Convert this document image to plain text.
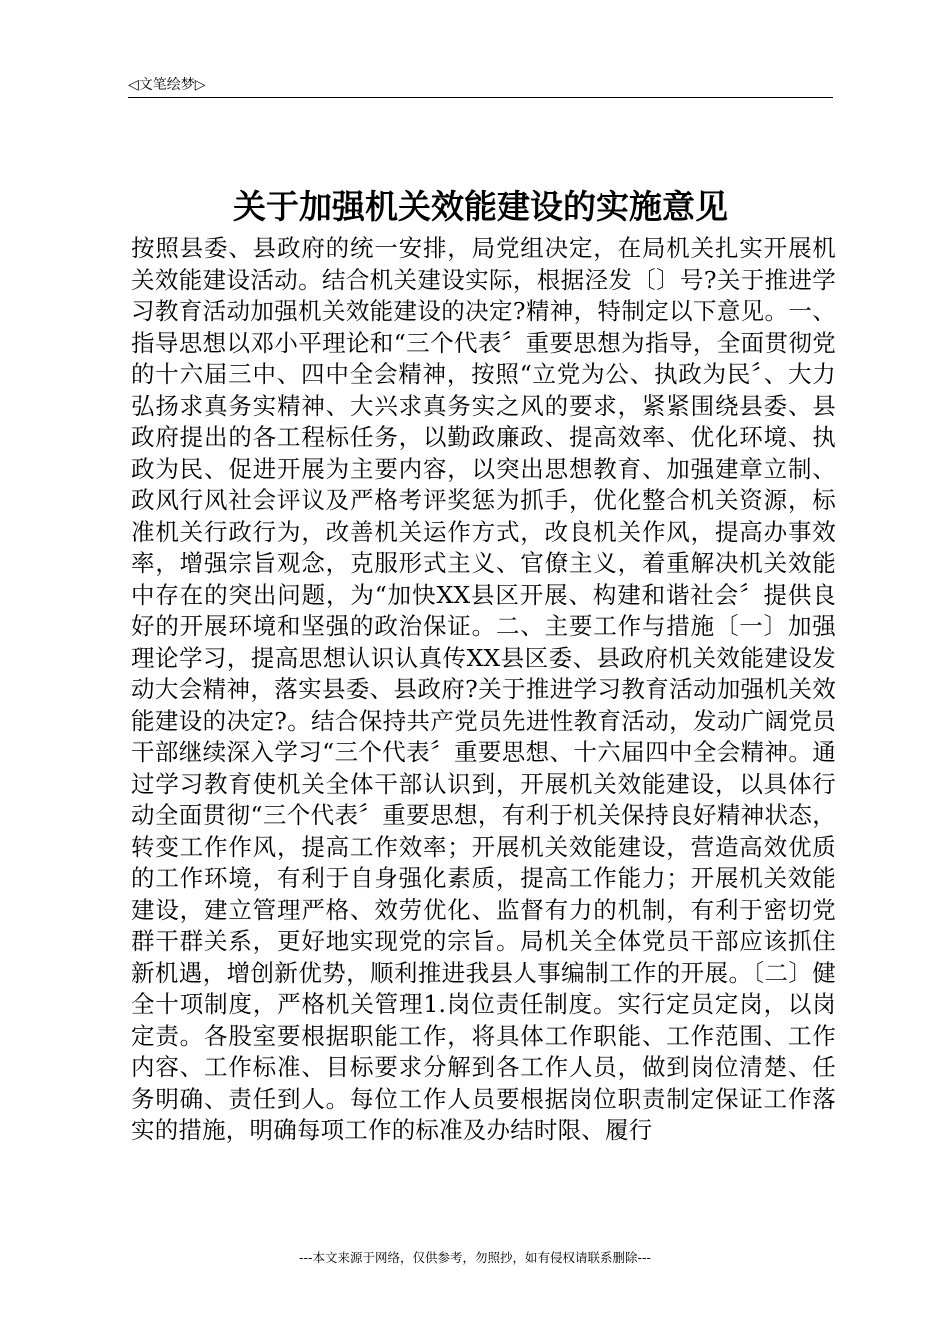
◁文笔绘梦▷
关于加强机关效能建设的实施意见
按照县委、县政府的统一安排，局党组决定，在局机关扎实开展机关效能建设活动。结合机关建设实际，根据泾发〔〕号?关于推进学习教育活动加强机关效能建设的决定?精神，特制定以下意见。一、指导思想以邓小平理论和“三个代表〞重要思想为指导，全面贯彻党的十六届三中、四中全会精神，按照“立党为公、执政为民〞、大力弘扬求真务实精神、大兴求真务实之风的要求，紧紧围绕县委、县政府提出的各工程标任务，以勤政廉政、提高效率、优化环境、执政为民、促进开展为主要内容，以突出思想教育、加强建章立制、政风行风社会评议及严格考评奖惩为抓手，优化整合机关资源，标准机关行政行为，改善机关运作方式，改良机关作风，提高办事效率，增强宗旨观念，克服形式主义、官僚主义，着重解决机关效能中存在的突出问题，为“加快XX县区开展、构建和谐社会〞提供良好的开展环境和坚强的政治保证。二、主要工作与措施〔一〕加强理论学习，提高思想认识认真传XX县区委、县政府机关效能建设发动大会精神，落实县委、县政府?关于推进学习教育活动加强机关效能建设的决定?。结合保持共产党员先进性教育活动，发动广阔党员干部继续深入学习“三个代表〞重要思想、十六届四中全会精神。通过学习教育使机关全体干部认识到，开展机关效能建设，以具体行动全面贯彻“三个代表〞重要思想，有利于机关保持良好精神状态，转变工作作风，提高工作效率；开展机关效能建设，营造高效优质的工作环境，有利于自身强化素质，提高工作能力；开展机关效能建设，建立管理严格、效劳优化、监督有力的机制，有利于密切党群干群关系，更好地实现党的宗旨。局机关全体党员干部应该抓住新机遇，增创新优势，顺利推进我县人事编制工作的开展。〔二〕健全十项制度，严格机关管理1.岗位责任制度。实行定员定岗，以岗定责。各股室要根据职能工作，将具体工作职能、工作范围、工作内容、工作标准、目标要求分解到各工作人员，做到岗位清楚、任务明确、责任到人。每位工作人员要根据岗位职责制定保证工作落实的措施，明确每项工作的标准及办结时限、履行
---本文来源于网络，仅供参考，勿照抄，如有侵权请联系删除---
